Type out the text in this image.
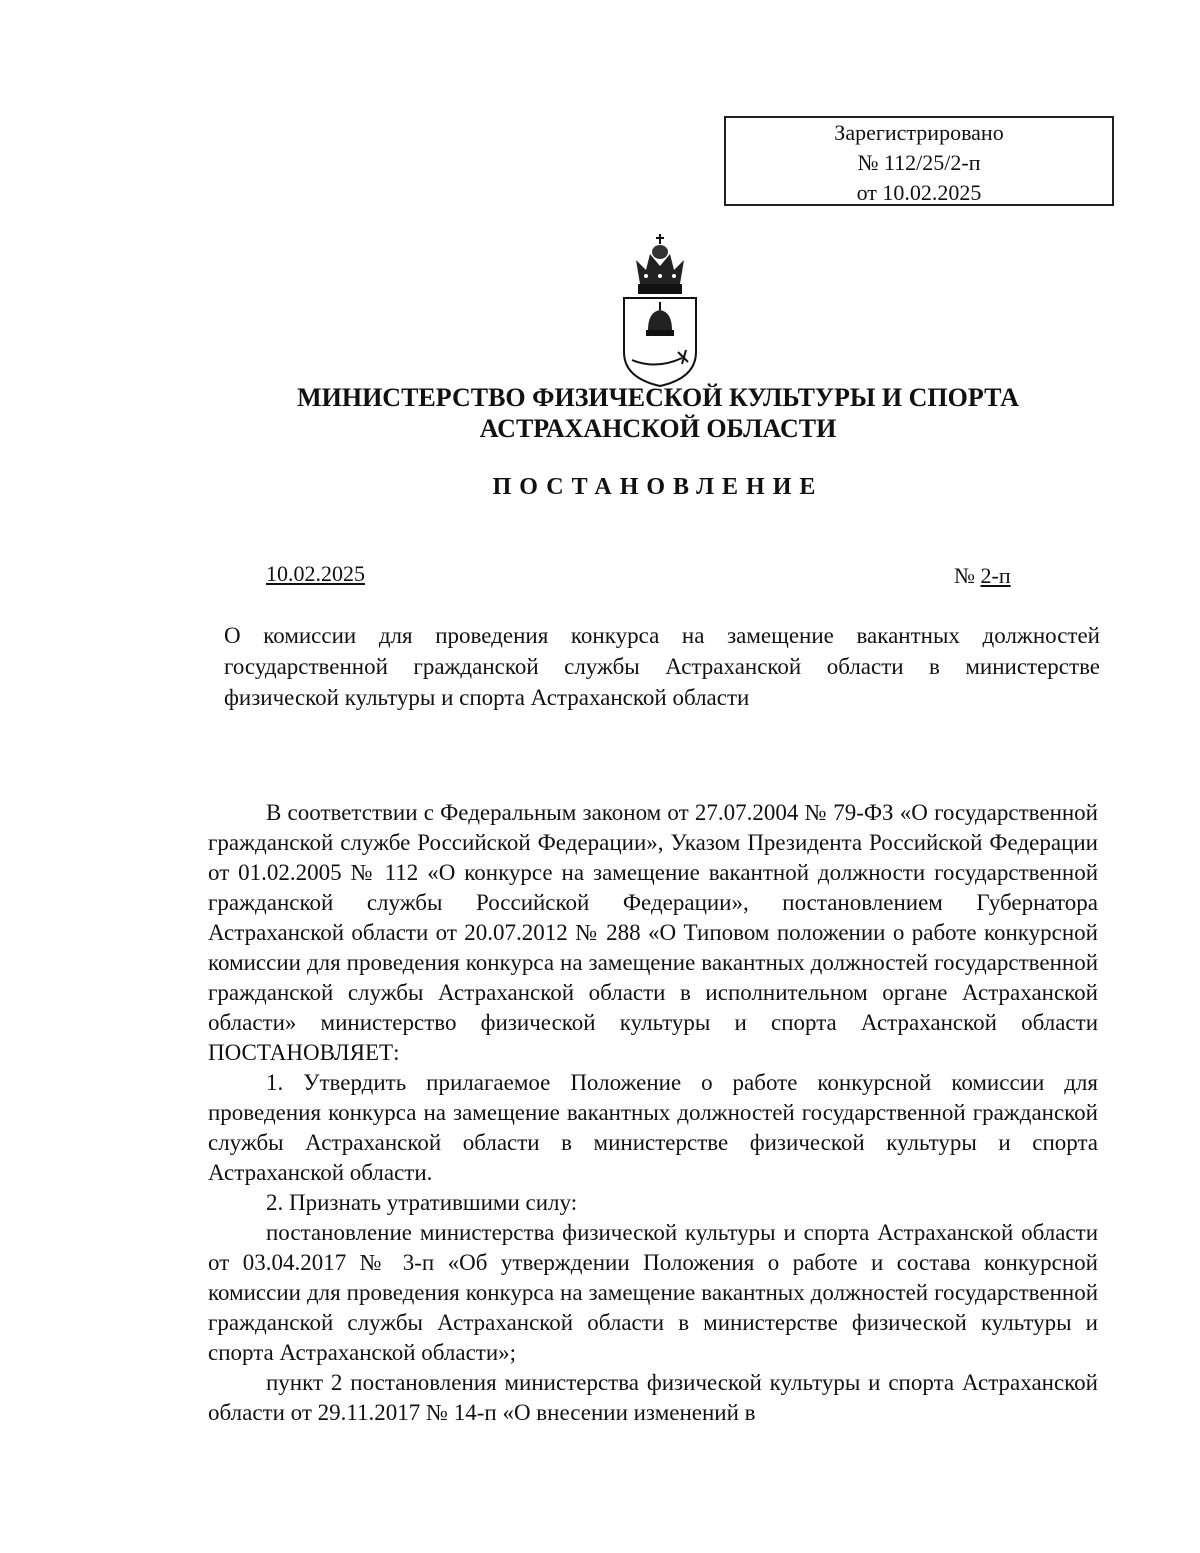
Зарегистрировано
№ 112/25/2-п
от 10.02.2025
МИНИСТЕРСТВО ФИЗИЧЕСКОЙ КУЛЬТУРЫ И СПОРТА
АСТРАХАНСКОЙ ОБЛАСТИ
ПОСТАНОВЛЕНИЕ
10.02.2025	№ 2-п
О комиссии для проведения конкурса на замещение вакантных должностей государственной гражданской службы Астраханской области в министерстве физической культуры и спорта Астраханской области

В соответствии с Федеральным законом от 27.07.2004 № 79-ФЗ «О государственной гражданской службе Российской Федерации», Указом Президента Российской Федерации от 01.02.2005 № 112 «О конкурсе на замещение вакантной должности государственной гражданской службы Российской Федерации», постановлением Губернатора Астраханской области от 20.07.2012 № 288 «О Типовом положении о работе конкурсной комиссии для проведения конкурса на замещение вакантных должностей государственной гражданской службы Астраханской области в исполнительном органе Астраханской области» министерство физической культуры и спорта Астраханской области ПОСТАНОВЛЯЕТ:

1. Утвердить прилагаемое Положение о работе конкурсной комиссии для проведения конкурса на замещение вакантных должностей государственной гражданской службы Астраханской области в министерстве физической культуры и спорта Астраханской области.

2. Признать утратившими силу:

постановление министерства физической культуры и спорта Астраханской области от 03.04.2017 № 3-п «Об утверждении Положения о работе и состава конкурсной комиссии для проведения конкурса на замещение вакантных должностей государственной гражданской службы Астраханской области в министерстве физической культуры и спорта Астраханской области»;

пункт 2 постановления министерства физической культуры и спорта Астраханской области от 29.11.2017 № 14-п «О внесении изменений в
